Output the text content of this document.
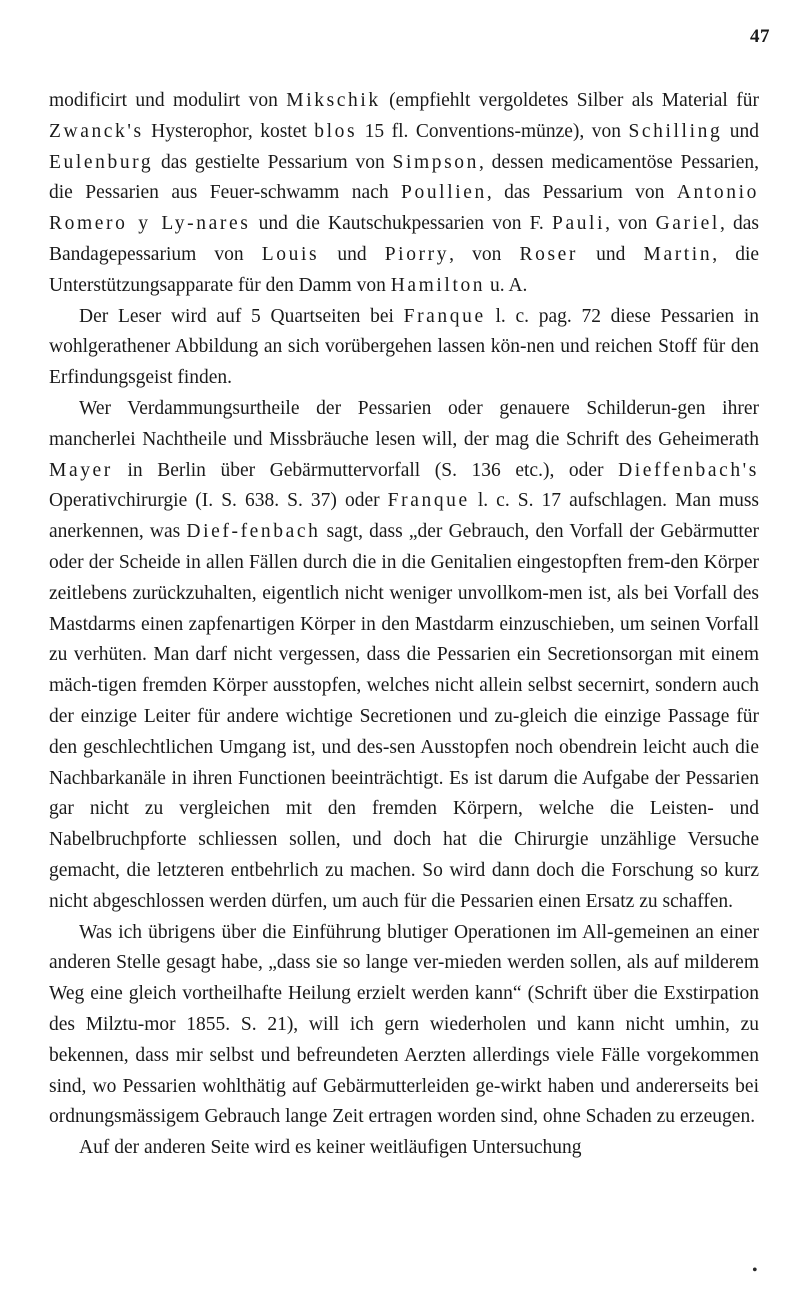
47

modificirt und modulirt von Mikschik (empfiehlt vergoldetes Silber als Material für Zwanck's Hysterophor, kostet blos 15 fl. Conventions-münze), von Schilling und Eulenburg das gestielte Pessarium von Simpson, dessen medicamentöse Pessarien, die Pessarien aus Feuer-schwamm nach Poullien, das Pessarium von Antonio Romero y Ly-nares und die Kautschukpessarien von F. Pauli, von Gariel, das Bandagepessarium von Louis und Piorry, von Roser und Martin, die Unterstützungsapparate für den Damm von Hamilton u. A.

Der Leser wird auf 5 Quartseiten bei Franque l. c. pag. 72 diese Pessarien in wohlgerathener Abbildung an sich vorübergehen lassen kön-nen und reichen Stoff für den Erfindungsgeist finden.

Wer Verdammungsurtheile der Pessarien oder genauere Schilderun-gen ihrer mancherlei Nachtheile und Missbräuche lesen will, der mag die Schrift des Geheimerath Mayer in Berlin über Gebärmuttervorfall (S. 136 etc.), oder Dieffenbach's Operativchirurgie (I. S. 638. S. 37) oder Franque l. c. S. 17 aufschlagen. Man muss anerkennen, was Dief-fenbach sagt, dass „der Gebrauch, den Vorfall der Gebärmutter oder der Scheide in allen Fällen durch die in die Genitalien eingestopften frem-den Körper zeitlebens zurückzuhalten, eigentlich nicht weniger unvollkom-men ist, als bei Vorfall des Mastdarms einen zapfenartigen Körper in den Mastdarm einzuschieben, um seinen Vorfall zu verhüten. Man darf nicht vergessen, dass die Pessarien ein Secretionsorgan mit einem mäch-tigen fremden Körper ausstopfen, welches nicht allein selbst secernirt, sondern auch der einzige Leiter für andere wichtige Secretionen und zu-gleich die einzige Passage für den geschlechtlichen Umgang ist, und des-sen Ausstopfen noch obendrein leicht auch die Nachbarkanäle in ihren Functionen beeinträchtigt. Es ist darum die Aufgabe der Pessarien gar nicht zu vergleichen mit den fremden Körpern, welche die Leisten- und Nabelbruchpforte schliessen sollen, und doch hat die Chirurgie unzählige Versuche gemacht, die letzteren entbehrlich zu machen. So wird dann doch die Forschung so kurz nicht abgeschlossen werden dürfen, um auch für die Pessarien einen Ersatz zu schaffen.

Was ich übrigens über die Einführung blutiger Operationen im All-gemeinen an einer anderen Stelle gesagt habe, „dass sie so lange ver-mieden werden sollen, als auf milderem Weg eine gleich vortheilhafte Heilung erzielt werden kann“ (Schrift über die Exstirpation des Milztu-mor 1855. S. 21), will ich gern wiederholen und kann nicht umhin, zu bekennen, dass mir selbst und befreundeten Aerzten allerdings viele Fälle vorgekommen sind, wo Pessarien wohlthätig auf Gebärmutterleiden ge-wirkt haben und andererseits bei ordnungsmässigem Gebrauch lange Zeit ertragen worden sind, ohne Schaden zu erzeugen.

Auf der anderen Seite wird es keiner weitläufigen Untersuchung

•
